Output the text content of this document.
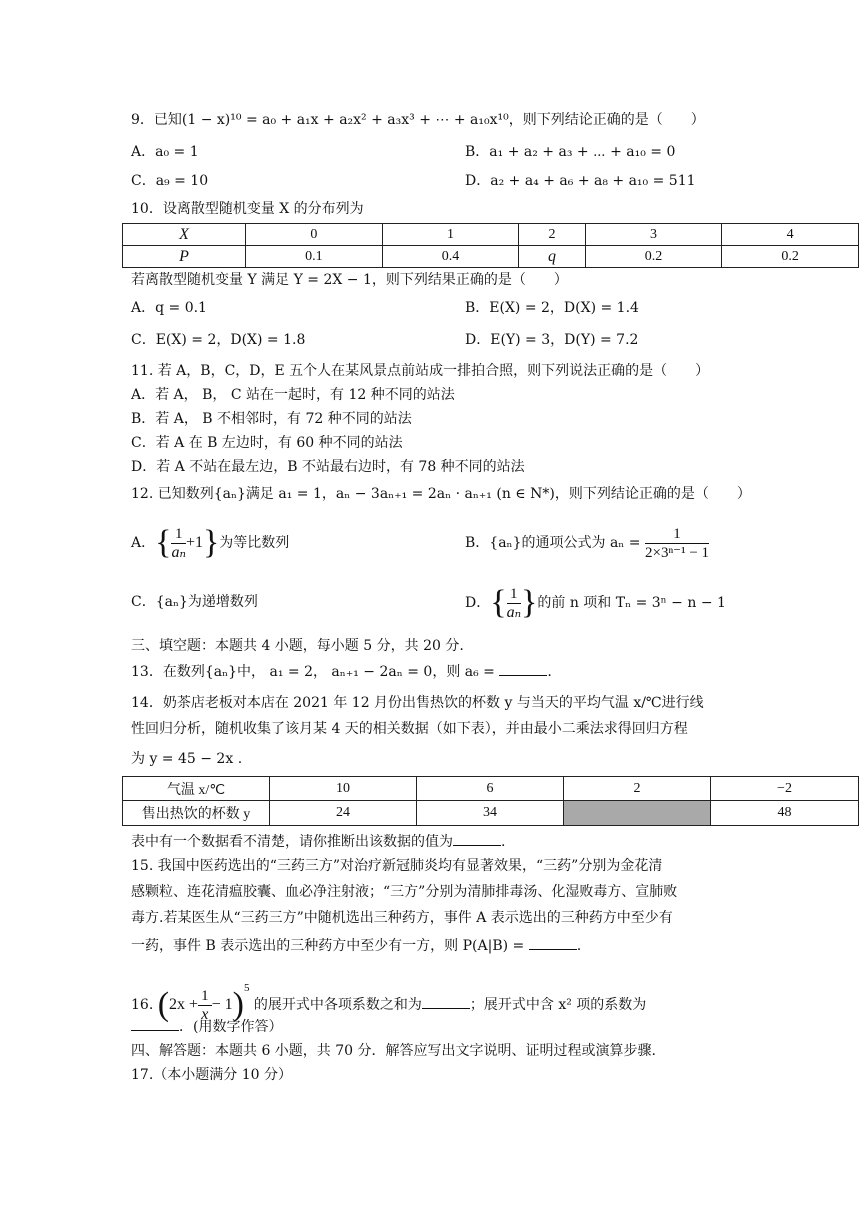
9．已知(1 − x)¹⁰ = a₀ + a₁x + a₂x² + a₃x³ + ⋯ + a₁₀x¹⁰，则下列结论正确的是（　　）
A．a₀ = 1	B．a₁ + a₂ + a₃ + ⋯ + a₁₀ = 0
C．a₉ = 10	D．a₂ + a₄ + a₆ + a₈ + a₁₀ = 511
10．设离散型随机变量 X 的分布列为
X	0	1	2	3	4
P	0.1	0.4	q	0.2	0.2
若离散型随机变量 Y 满足 Y = 2X − 1，则下列结果正确的是（　　）
A．q = 0.1	B．E(X) = 2，D(X) = 1.4
C．E(X) = 2，D(X) = 1.8	D．E(Y) = 3，D(Y) = 7.2
11. 若 A，B，C，D，E 五个人在某风景点前站成一排拍合照，则下列说法正确的是（　　）
A．若 A， B， C 站在一起时，有 12 种不同的站法
B．若 A， B 不相邻时，有 72 种不同的站法
C．若 A 在 B 左边时，有 60 种不同的站法
D．若 A 不站在最左边，B 不站最右边时，有 78 种不同的站法
12. 已知数列{aₙ}满足 a₁ = 1，aₙ − 3aₙ₊₁ = 2aₙ · aₙ₊₁ (n ∈ N*)，则下列结论正确的是（　　）
A．{ $\frac{1}{\text{aₙ}} +1$}为等比数列	B．{aₙ}的通项公式为 $a_n = \frac{1}{\text{2×3ⁿ⁻¹ − 1}}$
C．{aₙ}为递增数列	D．{ $\frac{1}{\text{aₙ}}$ }的前 n 项和 Tₙ = 3ⁿ − n − 1
三、填空题：本题共 4 小题，每小题 5 分，共 20 分.
13．在数列{aₙ}中， a₁ = 2， aₙ₊₁ − 2aₙ = 0，则 a₆ =	.
14．奶茶店老板对本店在 2021 年 12 月份出售热饮的杯数 y 与当天的平均气温 x/℃进行线
性回归分析，随机收集了该月某 4 天的相关数据（如下表），并由最小二乘法求得回归方程
为 y = 45 − 2x .
气温 x/℃	10	6	2	−2
售出热饮的杯数 y	24	34		48
表中有一个数据看不清楚，请你推断出该数据的值为	.
15. 我国中医药选出的“三药三方”对治疗新冠肺炎均有显著效果，“三药”分别为金花清
感颗粒、连花清瘟胶囊、血必净注射液；“三方”分别为清肺排毒汤、化湿败毒方、宣肺败
毒方.若某医生从“三药三方”中随机选出三种药方，事件 A 表示选出的三种药方中至少有
一药，事件 B 表示选出的三种药方中至少有一方，则 P(A|B) =	.
16. $(2x + \frac{1}{x} - 1)^5$ 的展开式中各项系数之和为	；展开式中含 x² 项的系数为
．(用数字作答）
四、解答题：本题共 6 小题，共 70 分．解答应写出文字说明、证明过程或演算步骤.
17.（本小题满分 10 分）
